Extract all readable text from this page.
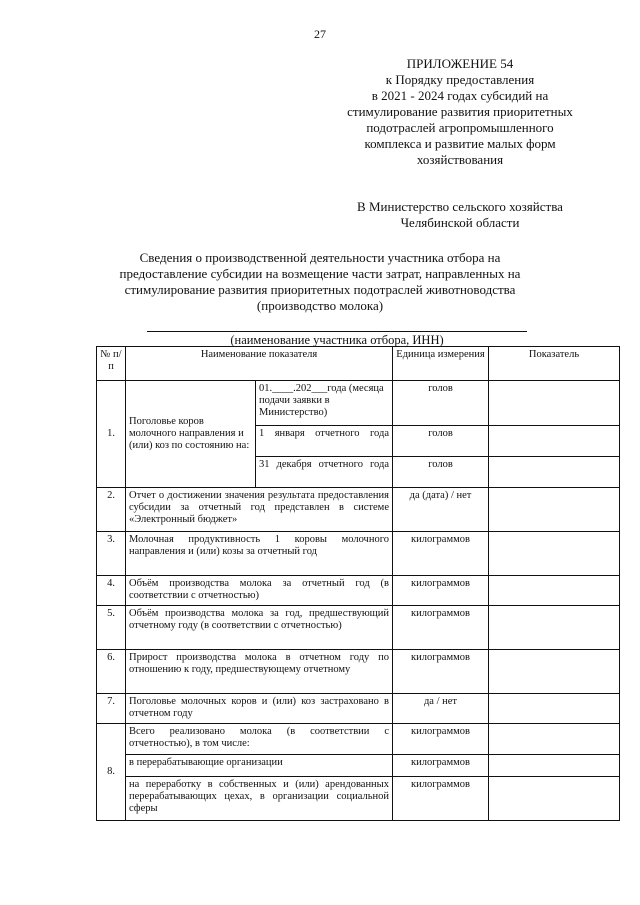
27
ПРИЛОЖЕНИЕ 54
к Порядку предоставления
в 2021 - 2024 годах субсидий на
стимулирование развития приоритетных
подотраслей агропромышленного
комплекса и развитие малых форм
хозяйствования
В Министерство сельского хозяйства
Челябинской области
Сведения о производственной деятельности участника отбора на
предоставление субсидии на возмещение части затрат, направленных на
стимулирование развития приоритетных подотраслей животноводства
(производство молока)
(наименование участника отбора, ИНН)
№ п/п	Наименование показателя		Единица измерения	Показатель
1.	Поголовье коров молочного направления и (или) коз по состоянию на:	01.____.202___года (месяца подачи заявки в Министерство)	голов	

		1 января отчетного года	голов	

		31 декабря отчетного года	голов	
2.	Отчет о достижении значения результата предоставления субсидии за отчетный год представлен в системе «Электронный бюджет»		да (дата) / нет	
3.	Молочная продуктивность 1 коровы молочного направления и (или) козы за отчетный год		килограммов	
4.	Объём производства молока за отчетный год (в соответствии с отчетностью)		килограммов	
5.	Объём производства молока за год, предшествующий отчетному году (в соответствии с отчетностью)		килограммов	
6.	Прирост производства молока в отчетном году по отношению к году, предшествующему отчетному		килограммов	
7.	Поголовье молочных коров и (или) коз застраховано в отчетном году		да / нет	
8.	Всего реализовано молока (в соответствии с отчетностью), в том числе:		килограммов	
	в перерабатывающие организации		килограммов	
	на переработку в собственных и (или) арендованных перерабатывающих цехах, в организации социальной сферы		килограммов	
